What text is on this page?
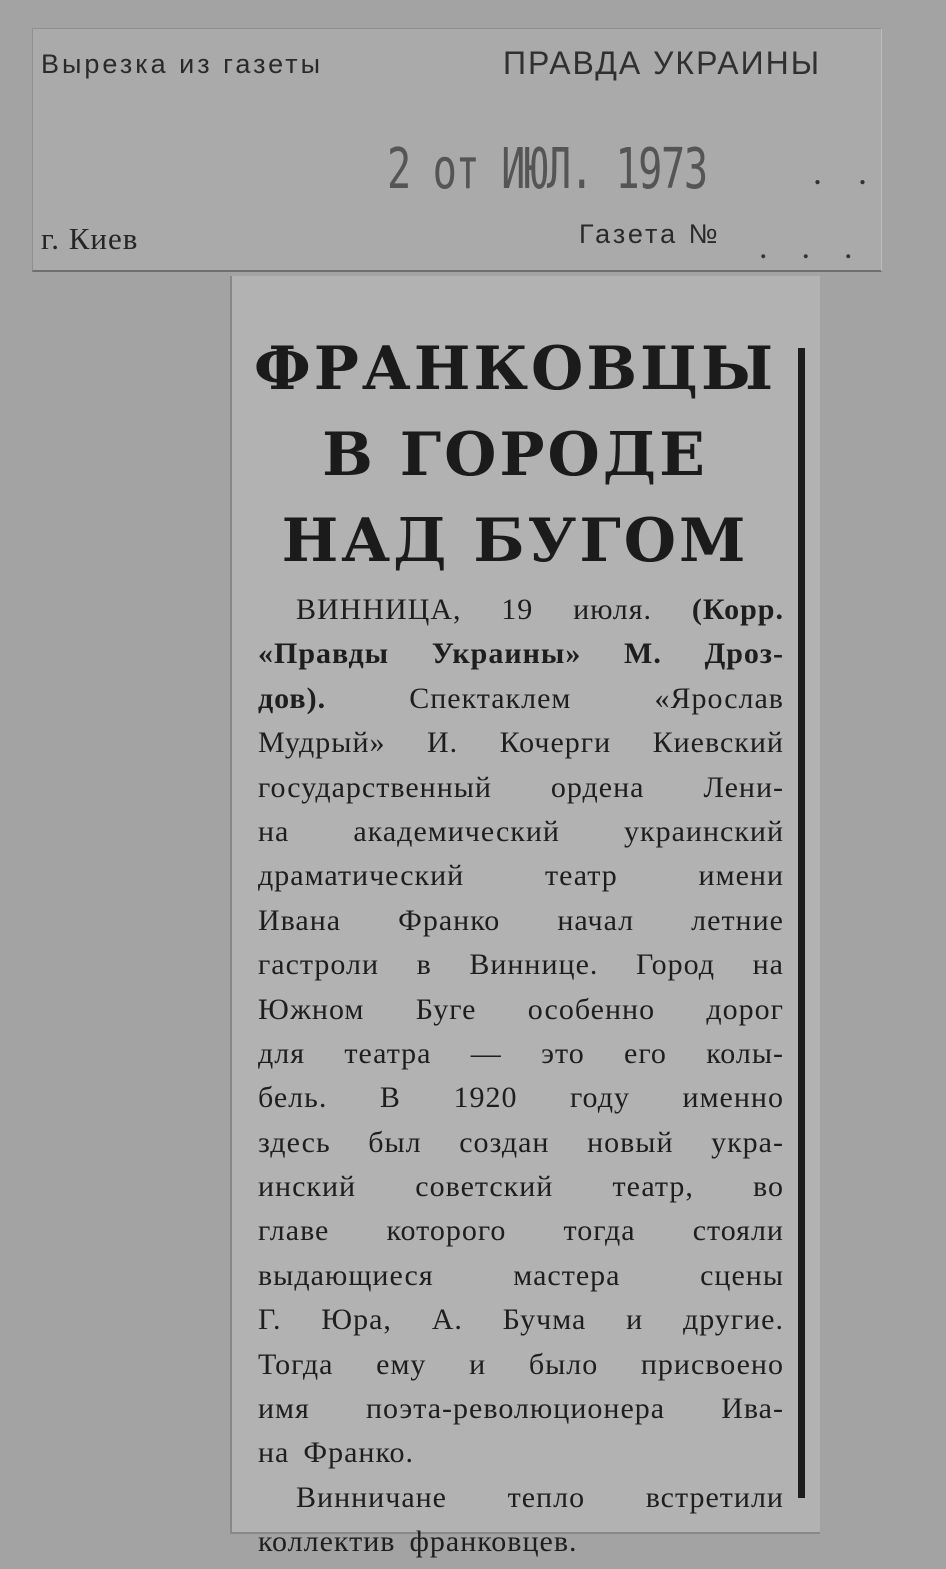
Вырезка из газеты	ПРАВДА УКРАИНЫ
2 от ИЮЛ. 1973	..
г. Киев	Газета № ...
ФРАНКОВЦЫ
В ГОРОДЕ
НАД БУГОМ
ВИННИЦА, 19 июля. (Корр.
«Правды Украины» М. Дроз-
дов).	Спектаклем	«Ярослав
Мудрый» И. Кочерги Киевский
государственный ордена Лени-
на академический украинский
драматический	театр	имени
Ивана Франко начал летние
гастроли в Виннице. Город на
Южном Буге особенно дорог
для театра — это его колы-
бель. В 1920 году именно
здесь был создан новый укра-
инский советский театр, во
главе которого тогда стояли
выдающиеся	мастера	сцены
Г. Юра, А. Бучма и другие.
Тогда ему и было присвоено
имя поэта-революционера Ива-
на Франко.
Винничане тепло встретили
коллектив франковцев.
